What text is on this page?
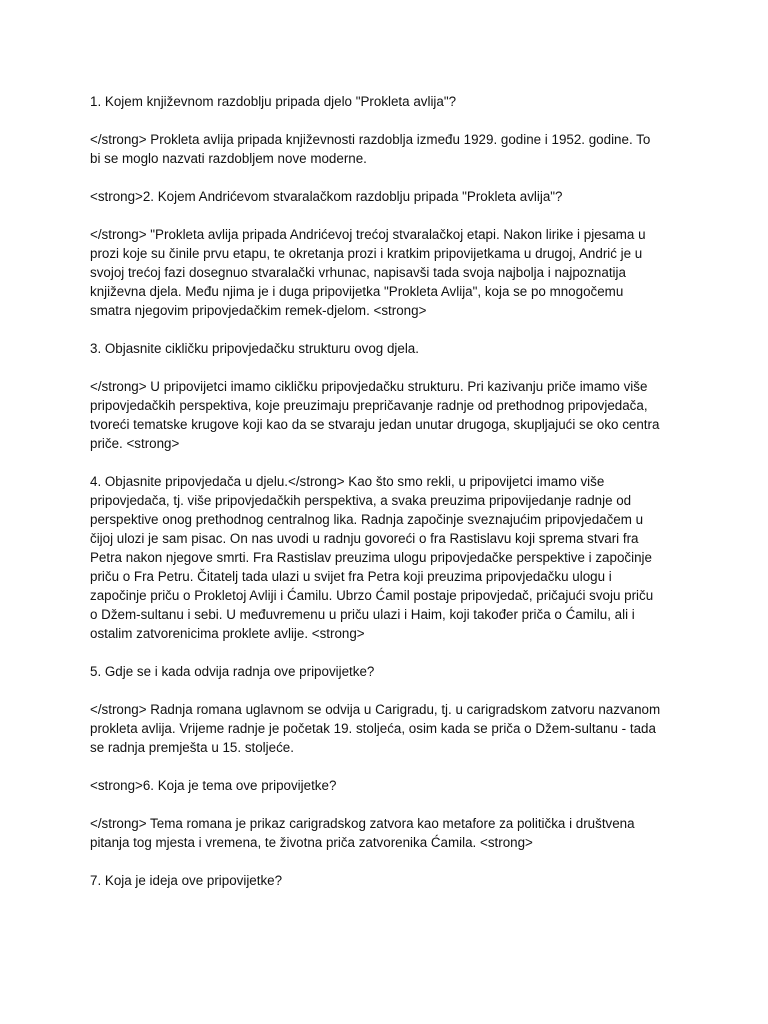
1. Kojem književnom razdoblju pripada djelo "Prokleta avlija"?

</strong> Prokleta avlija pripada književnosti razdoblja između 1929. godine i 1952. godine. To
bi se moglo nazvati razdobljem nove moderne.

<strong>2. Kojem Andrićevom stvaralačkom razdoblju pripada "Prokleta avlija"?

</strong> "Prokleta avlija pripada Andrićevoj trećoj stvaralačkoj etapi. Nakon lirike i pjesama u
prozi koje su činile prvu etapu, te okretanja prozi i kratkim pripovijetkama u drugoj, Andrić je u
svojoj trećoj fazi dosegnuo stvaralački vrhunac, napisavši tada svoja najbolja i najpoznatija
književna djela. Među njima je i duga pripovijetka "Prokleta Avlija", koja se po mnogočemu
smatra njegovim pripovjedačkim remek-djelom. <strong>

3. Objasnite cikličku pripovjedačku strukturu ovog djela.

</strong> U pripovijetci imamo cikličku pripovjedačku strukturu. Pri kazivanju priče imamo više
pripovjedačkih perspektiva, koje preuzimaju prepričavanje radnje od prethodnog pripovjedača,
tvoreći tematske krugove koji kao da se stvaraju jedan unutar drugoga, skupljajući se oko centra
priče. <strong>

4. Objasnite pripovjedača u djelu.</strong> Kao što smo rekli, u pripovijetci imamo više
pripovjedača, tj. više pripovjedačkih perspektiva, a svaka preuzima pripovijedanje radnje od
perspektive onog prethodnog centralnog lika. Radnja započinje sveznajućim pripovjedačem u
čijoj ulozi je sam pisac. On nas uvodi u radnju govoreći o fra Rastislavu koji sprema stvari fra
Petra nakon njegove smrti. Fra Rastislav preuzima ulogu pripovjedačke perspektive i započinje
priču o Fra Petru. Čitatelj tada ulazi u svijet fra Petra koji preuzima pripovjedačku ulogu i
započinje priču o Prokletoj Avliji i Ćamilu. Ubrzo Ćamil postaje pripovjedač, pričajući svoju priču
o Džem-sultanu i sebi. U međuvremenu u priču ulazi i Haim, koji također priča o Ćamilu, ali i
ostalim zatvorenicima proklete avlije. <strong>

5. Gdje se i kada odvija radnja ove pripovijetke?

</strong> Radnja romana uglavnom se odvija u Carigradu, tj. u carigradskom zatvoru nazvanom
prokleta avlija. Vrijeme radnje je početak 19. stoljeća, osim kada se priča o Džem-sultanu - tada
se radnja premješta u 15. stoljeće.

<strong>6. Koja je tema ove pripovijetke?

</strong> Tema romana je prikaz carigradskog zatvora kao metafore za politička i društvena
pitanja tog mjesta i vremena, te životna priča zatvorenika Ćamila. <strong>

7. Koja je ideja ove pripovijetke?
